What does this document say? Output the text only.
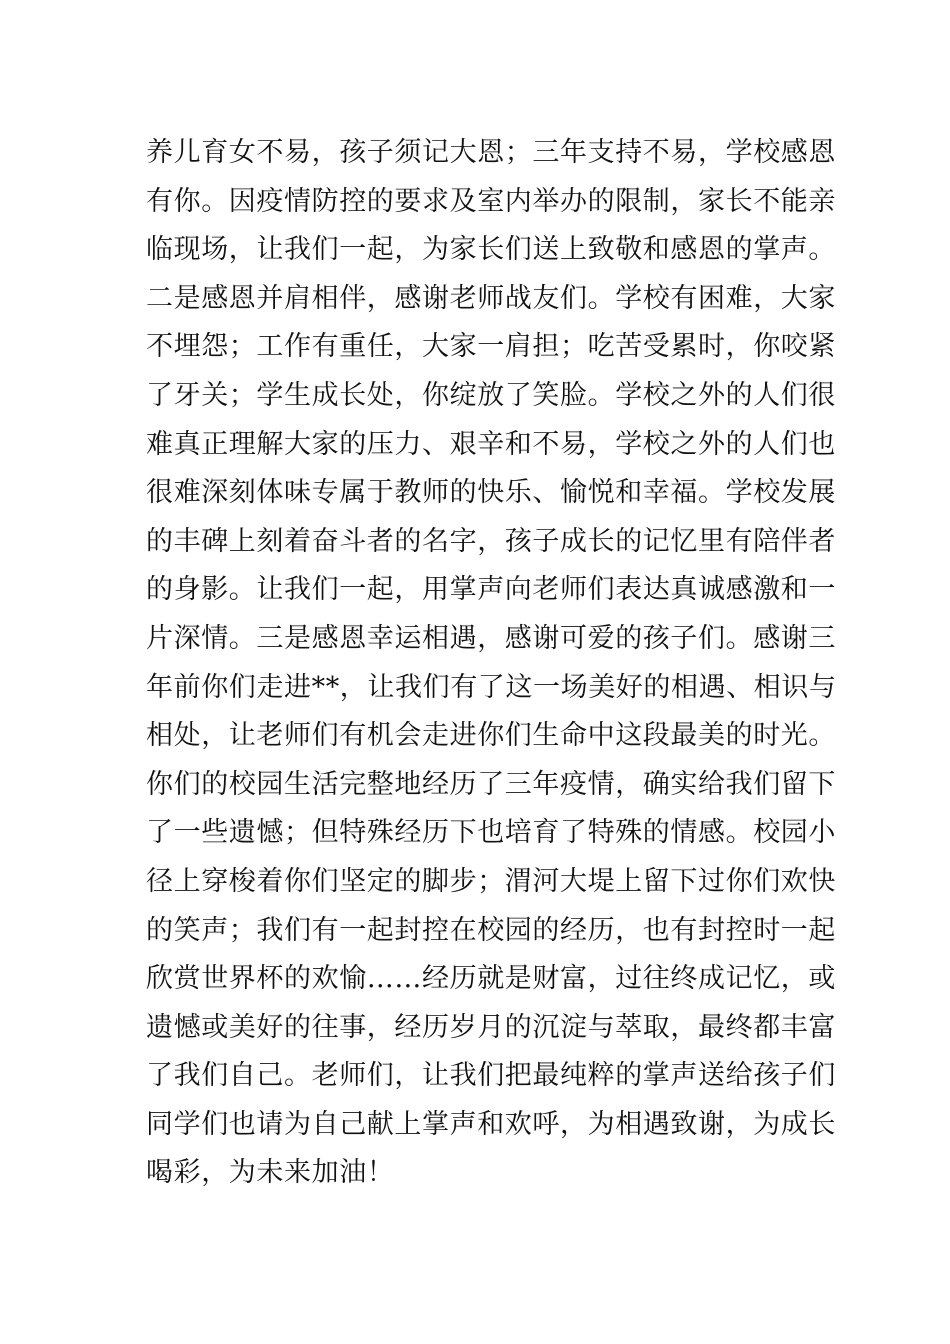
养儿育女不易，孩子须记大恩；三年支持不易，学校感恩
有你。因疫情防控的要求及室内举办的限制，家长不能亲
临现场，让我们一起，为家长们送上致敬和感恩的掌声。
二是感恩并肩相伴，感谢老师战友们。学校有困难，大家
不埋怨；工作有重任，大家一肩担；吃苦受累时，你咬紧
了牙关；学生成长处，你绽放了笑脸。学校之外的人们很
难真正理解大家的压力、艰辛和不易，学校之外的人们也
很难深刻体味专属于教师的快乐、愉悦和幸福。学校发展
的丰碑上刻着奋斗者的名字，孩子成长的记忆里有陪伴者
的身影。让我们一起，用掌声向老师们表达真诚感激和一
片深情。三是感恩幸运相遇，感谢可爱的孩子们。感谢三
年前你们走进**，让我们有了这一场美好的相遇、相识与
相处，让老师们有机会走进你们生命中这段最美的时光。
你们的校园生活完整地经历了三年疫情，确实给我们留下
了一些遗憾；但特殊经历下也培育了特殊的情感。校园小
径上穿梭着你们坚定的脚步；渭河大堤上留下过你们欢快
的笑声；我们有一起封控在校园的经历，也有封控时一起
欣赏世界杯的欢愉……经历就是财富，过往终成记忆，或
遗憾或美好的往事，经历岁月的沉淀与萃取，最终都丰富
了我们自己。老师们，让我们把最纯粹的掌声送给孩子们
同学们也请为自己献上掌声和欢呼，为相遇致谢，为成长
喝彩，为未来加油！
